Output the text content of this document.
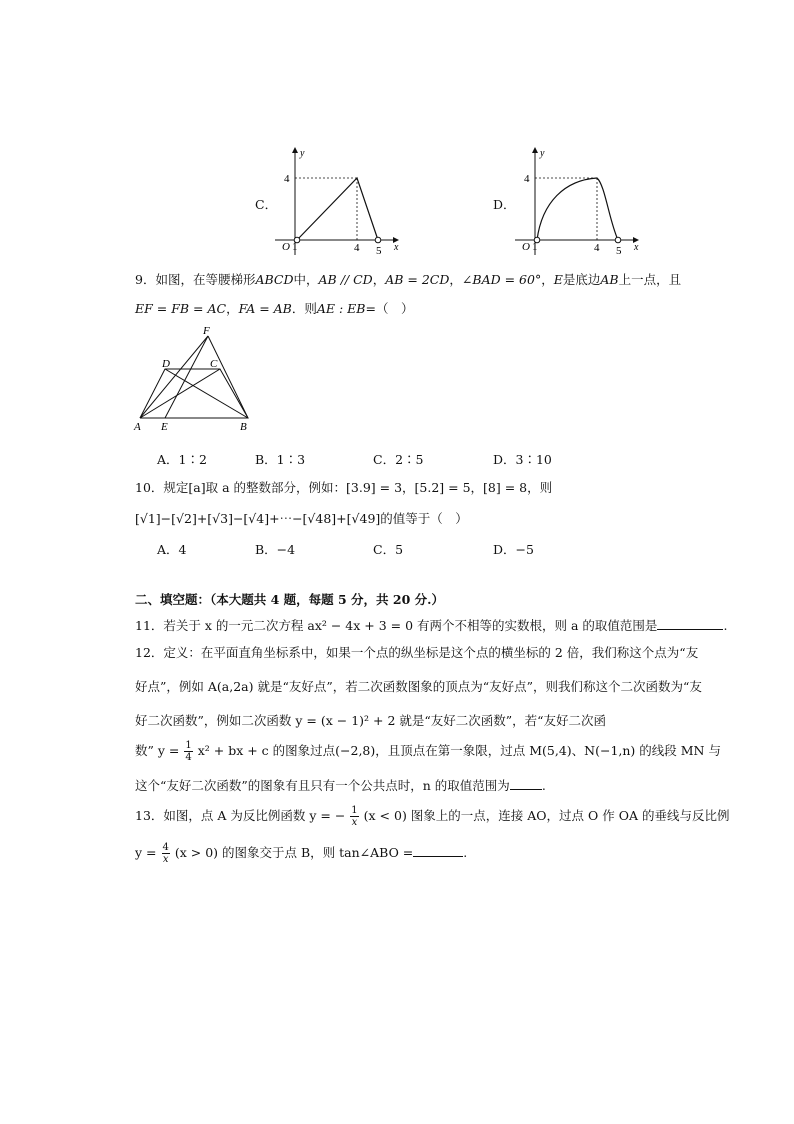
C．
y
x
O 1
4
4 5
D．
y
x
O 1
4
4 5
9．如图，在等腰梯形ABCD中，AB // CD，AB = 2CD，∠BAD = 60°，E是底边AB上一点，且
EF = FB = AC，FA = AB．则AE : EB=（　）
F
D	C
A E	B
A．1∶2	B．1∶3	C．2∶5	D．3∶10
10．规定[a]取 a 的整数部分，例如：[3.9] = 3，[5.2] = 5，[8] = 8，则
[√1]−[√2]+[√3]−[√4]+⋯−[√48]+[√49]的值等于（　）
A．4	B．−4	C．5	D．−5
二、填空题：（本大题共 4 题，每题 5 分，共 20 分.）
11．若关于 x 的一元二次方程 ax² − 4x + 3 = 0 有两个不相等的实数根，则 a 的取值范围是	.
12．定义：在平面直角坐标系中，如果一个点的纵坐标是这个点的横坐标的 2 倍，我们称这个点为“友
好点”，例如 A(a,2a) 就是“友好点”，若二次函数图象的顶点为“友好点”，则我们称这个二次函数为“友
好二次函数”，例如二次函数 y = (x − 1)² + 2 就是“友好二次函数”，若“友好二次函
数” $y = \frac{1}{4} x^2$ + bx + c 的图象过点(−2,8)，且顶点在第一象限，过点 M(5,4)、N(−1,n) 的线段 MN 与
这个“友好二次函数”的图象有且只有一个公共点时，n 的取值范围为	.
13．如图，点 A 为反比例函数 y = − $\frac{1}{x} (x < 0)$ 图象上的一点，连接 AO，过点 O 作 OA 的垂线与反比例
$y = \frac{4}{x} (x > 0)$ 的图象交于点 B，则 tan∠ABO =	.
